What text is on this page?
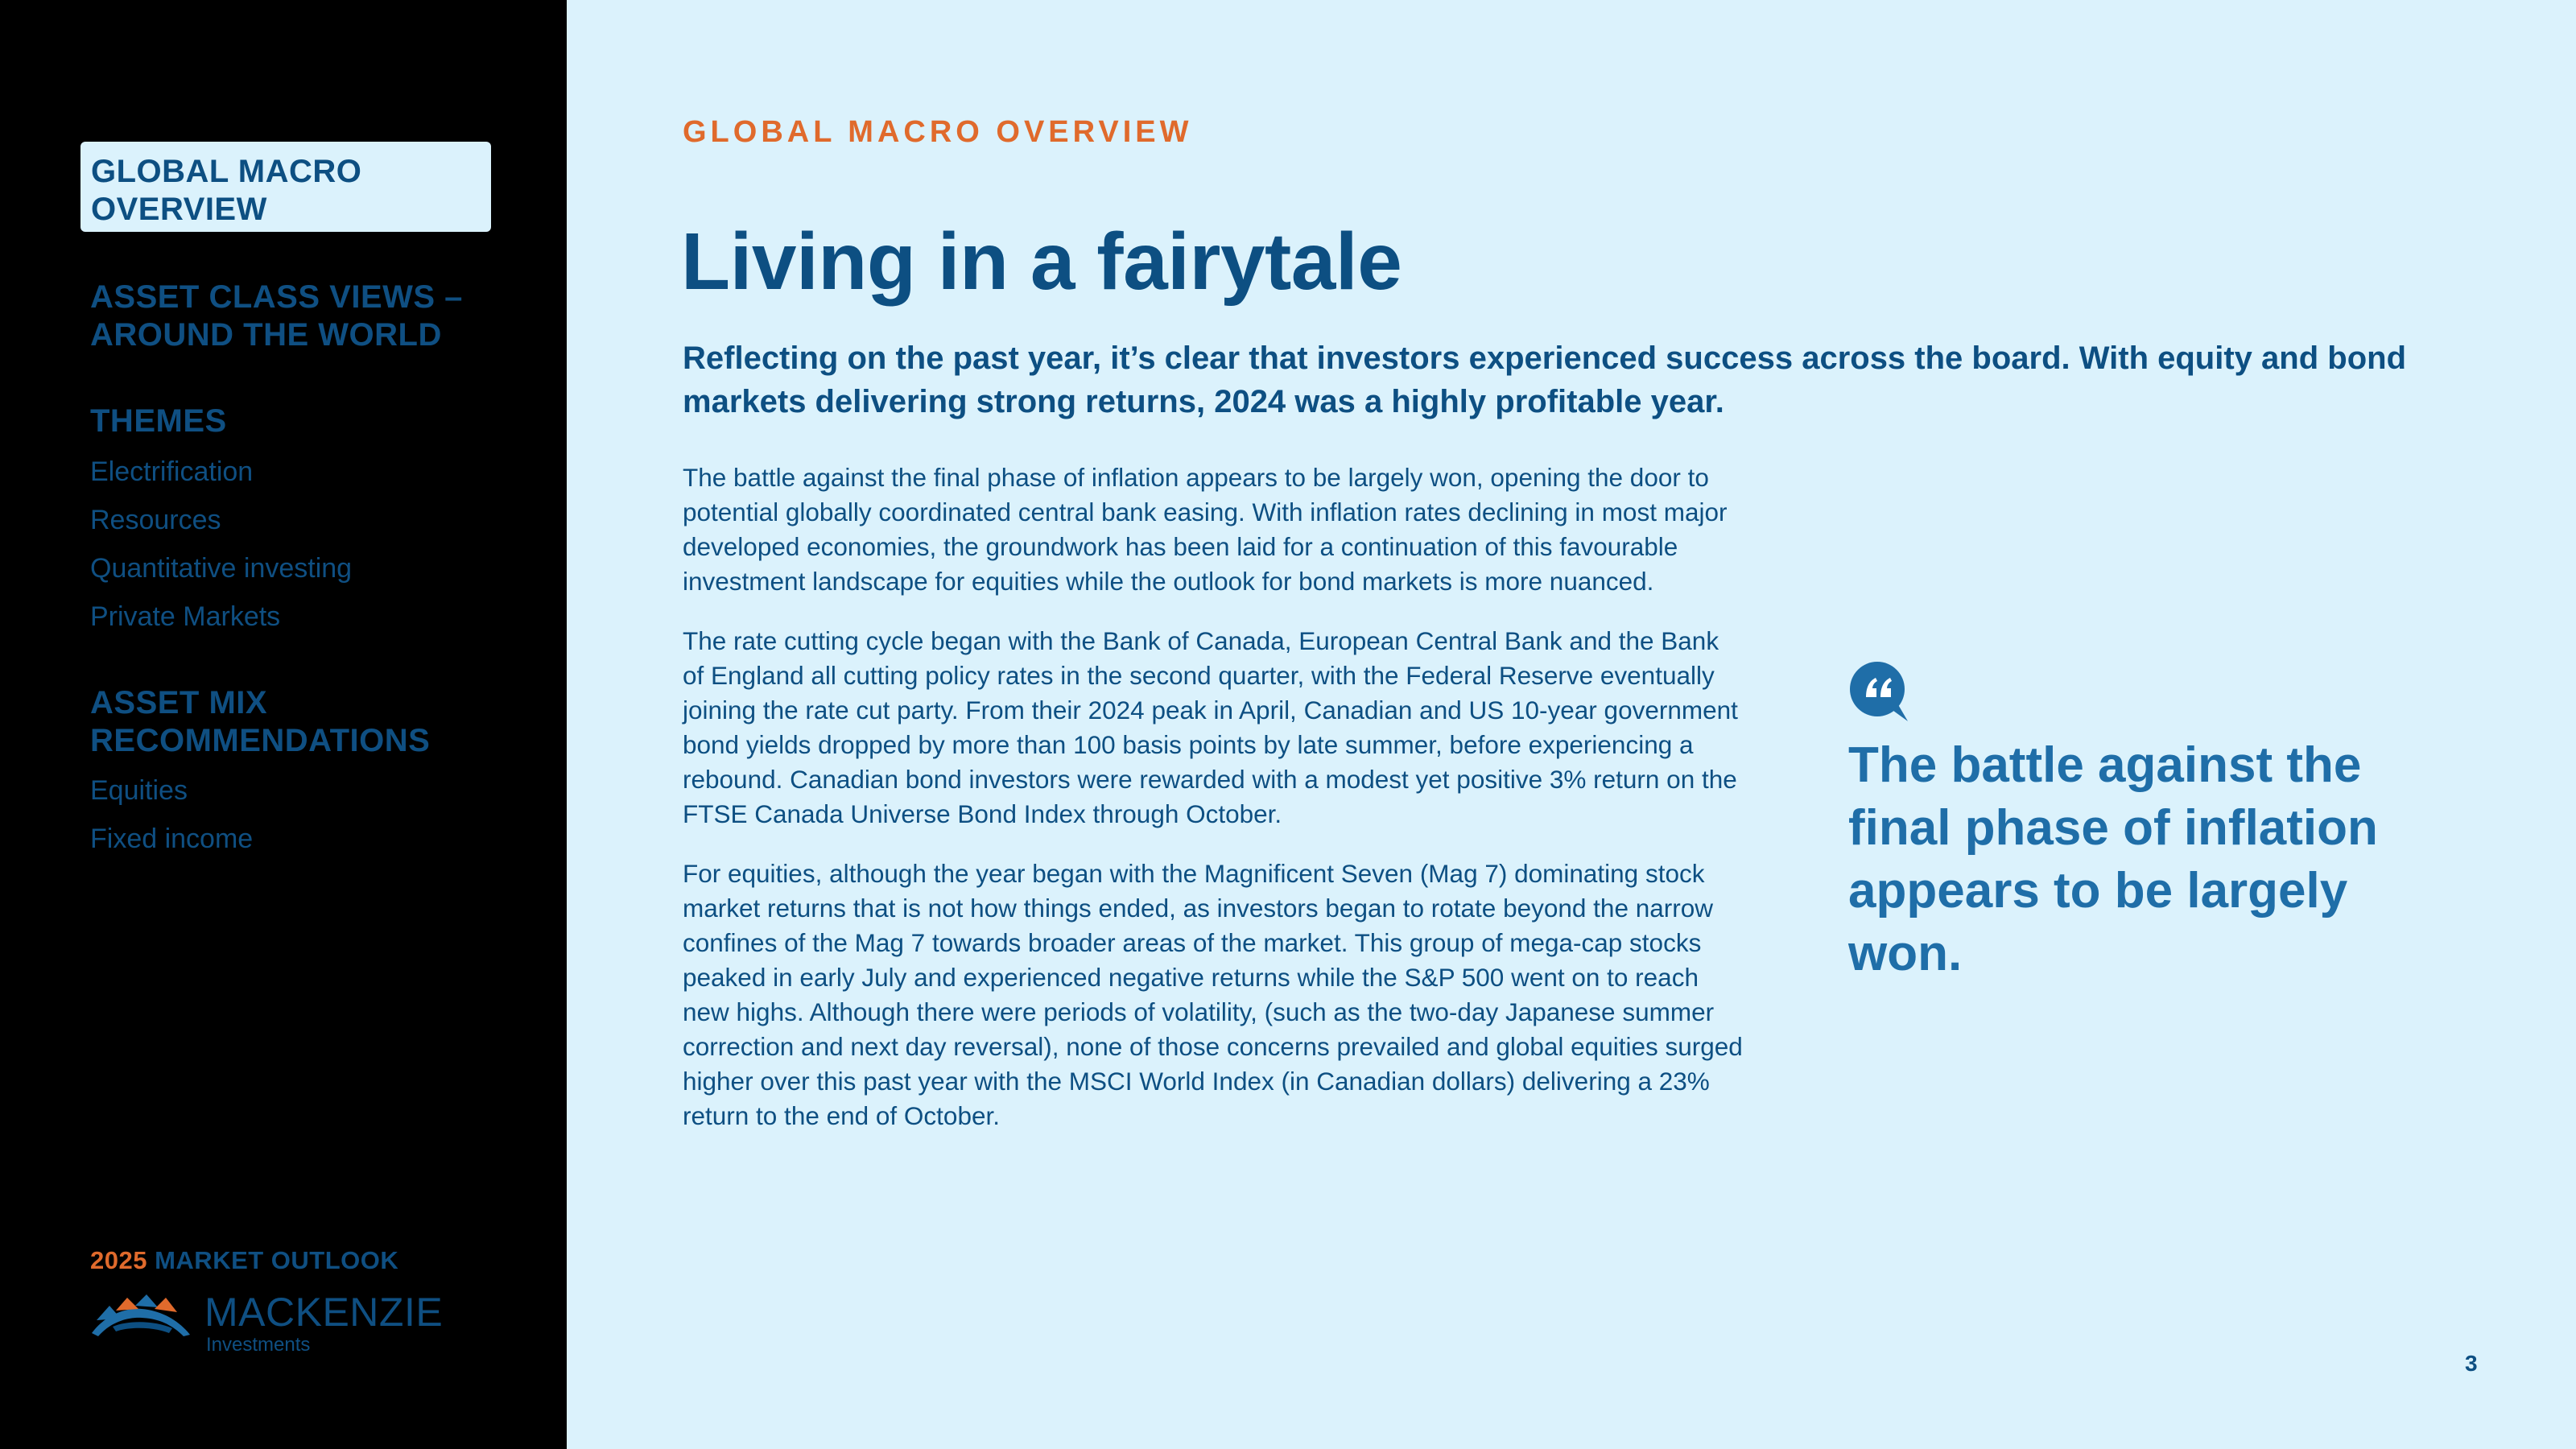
GLOBAL MACRO OVERVIEW
ASSET CLASS VIEWS – AROUND THE WORLD
THEMES
Electrification
Resources
Quantitative investing
Private Markets
ASSET MIX RECOMMENDATIONS
Equities
Fixed income
2025 MARKET OUTLOOK
MACKENZIE
Investments
GLOBAL MACRO OVERVIEW
Living in a fairytale

Reflecting on the past year, it’s clear that investors experienced success across the board. With equity and bond markets delivering strong returns, 2024 was a highly profitable year.

The battle against the final phase of inflation appears to be largely won, opening the door to potential globally coordinated central bank easing. With inflation rates declining in most major developed economies, the groundwork has been laid for a continuation of this favourable investment landscape for equities while the outlook for bond markets is more nuanced.

The rate cutting cycle began with the Bank of Canada, European Central Bank and the Bank of England all cutting policy rates in the second quarter, with the Federal Reserve eventually joining the rate cut party. From their 2024 peak in April, Canadian and US 10-year government bond yields dropped by more than 100 basis points by late summer, before experiencing a rebound. Canadian bond investors were rewarded with a modest yet positive 3% return on the FTSE Canada Universe Bond Index through October.

For equities, although the year began with the Magnificent Seven (Mag 7) dominating stock market returns that is not how things ended, as investors began to rotate beyond the narrow confines of the Mag 7 towards broader areas of the market. This group of mega-cap stocks peaked in early July and experienced negative returns while the S&P 500 went on to reach new highs. Although there were periods of volatility, (such as the two-day Japanese summer correction and next day reversal), none of those concerns prevailed and global equities surged higher over this past year with the MSCI World Index (in Canadian dollars) delivering a 23% return to the end of October.

The battle against the final phase of inflation appears to be largely won.
3
